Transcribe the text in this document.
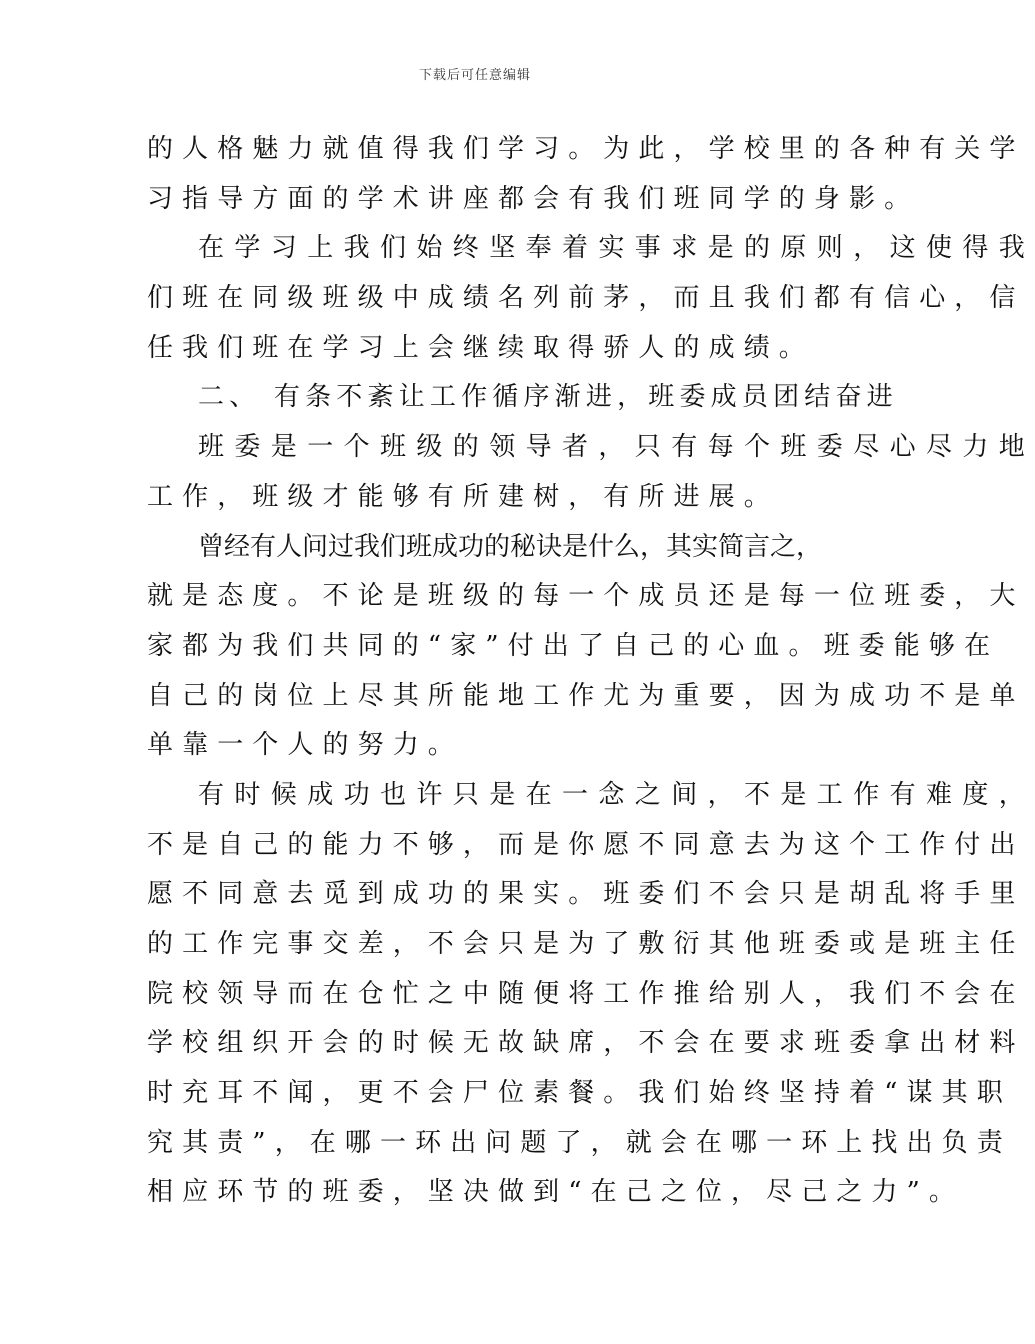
下载后可任意编辑
的人格魅力就值得我们学习。为此，学校里的各种有关学
习指导方面的学术讲座都会有我们班同学的身影。
在学习上我们始终坚奉着实事求是的原则，这使得我
们班在同级班级中成绩名列前茅，而且我们都有信心，信
任我们班在学习上会继续取得骄人的成绩。
二、 有条不紊让工作循序渐进，班委成员团结奋进
班委是一个班级的领导者，只有每个班委尽心尽力地
工作，班级才能够有所建树，有所进展。
曾经有人问过我们班成功的秘诀是什么，其实简言之，
就是态度。不论是班级的每一个成员还是每一位班委，大
家都为我们共同的“家”付出了自己的心血。班委能够在
自己的岗位上尽其所能地工作尤为重要，因为成功不是单
单靠一个人的努力。
有时候成功也许只是在一念之间，不是工作有难度，
不是自己的能力不够，而是你愿不同意去为这个工作付出
愿不同意去觅到成功的果实。班委们不会只是胡乱将手里
的工作完事交差，不会只是为了敷衍其他班委或是班主任
院校领导而在仓忙之中随便将工作推给别人，我们不会在
学校组织开会的时候无故缺席，不会在要求班委拿出材料
时充耳不闻，更不会尸位素餐。我们始终坚持着“谋其职
究其责”，在哪一环出问题了，就会在哪一环上找出负责
相应环节的班委，坚决做到“在己之位，尽己之力”。
